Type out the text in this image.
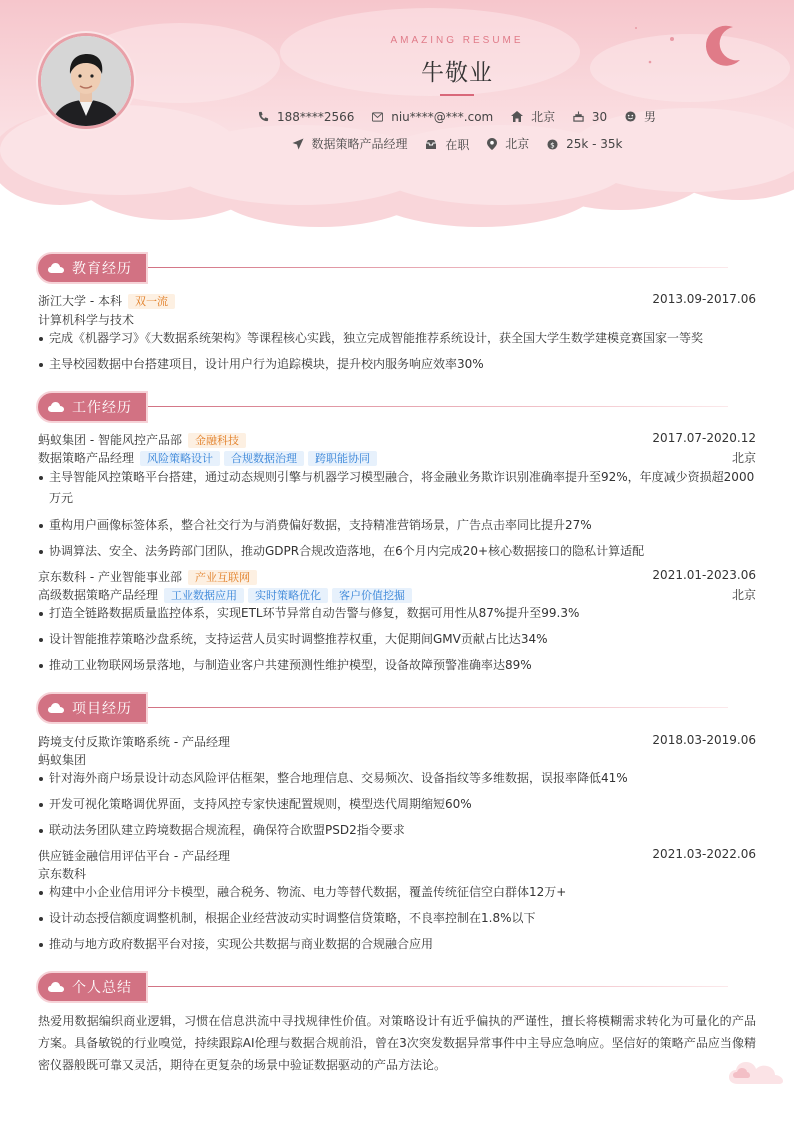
AMAZING RESUME
牛敬业
188****2566
	niu****@***.com
	北京
	30
	男
数据策略产品经理
	在职
	北京
	$ 25k - 35k
教育经历
浙江大学 - 本科 双一流	2013.09-2017.06
计算机科学与技术
完成《机器学习》《大数据系统架构》等课程核心实践，独立完成智能推荐系统设计，获全国大学生数学建模竞赛国家一等奖
主导校园数据中台搭建项目，设计用户行为追踪模块，提升校内服务响应效率30%
工作经历
蚂蚁集团 - 智能风控产品部 金融科技	2017.07-2020.12
数据策略产品经理 风险策略设计 合规数据治理 跨职能协同	北京
主导智能风控策略平台搭建，通过动态规则引擎与机器学习模型融合，将金融业务欺诈识别准确率提升至92%，年度减少资损超2000万元
重构用户画像标签体系，整合社交行为与消费偏好数据，支持精准营销场景，广告点击率同比提升27%
协调算法、安全、法务跨部门团队，推动GDPR合规改造落地，在6个月内完成20+核心数据接口的隐私计算适配
京东数科 - 产业智能事业部 产业互联网	2021.01-2023.06
高级数据策略产品经理 工业数据应用 实时策略优化 客户价值挖掘	北京
打造全链路数据质量监控体系，实现ETL环节异常自动告警与修复，数据可用性从87%提升至99.3%
设计智能推荐策略沙盘系统，支持运营人员实时调整推荐权重，大促期间GMV贡献占比达34%
推动工业物联网场景落地，与制造业客户共建预测性维护模型，设备故障预警准确率达89%
项目经历
跨境支付反欺诈策略系统 - 产品经理	2018.03-2019.06
蚂蚁集团
针对海外商户场景设计动态风险评估框架，整合地理信息、交易频次、设备指纹等多维数据，误报率降低41%
开发可视化策略调优界面，支持风控专家快速配置规则，模型迭代周期缩短60%
联动法务团队建立跨境数据合规流程，确保符合欧盟PSD2指令要求
供应链金融信用评估平台 - 产品经理	2021.03-2022.06
京东数科
构建中小企业信用评分卡模型，融合税务、物流、电力等替代数据，覆盖传统征信空白群体12万+
设计动态授信额度调整机制，根据企业经营波动实时调整信贷策略，不良率控制在1.8%以下
推动与地方政府数据平台对接，实现公共数据与商业数据的合规融合应用
个人总结
热爱用数据编织商业逻辑，习惯在信息洪流中寻找规律性价值。对策略设计有近乎偏执的严谨性，擅长将模糊需求转化为可量化的产品方案。具备敏锐的行业嗅觉，持续跟踪AI伦理与数据合规前沿，曾在3次突发数据异常事件中主导应急响应。坚信好的策略产品应当像精密仪器般既可靠又灵活，期待在更复杂的场景中验证数据驱动的产品方法论。
